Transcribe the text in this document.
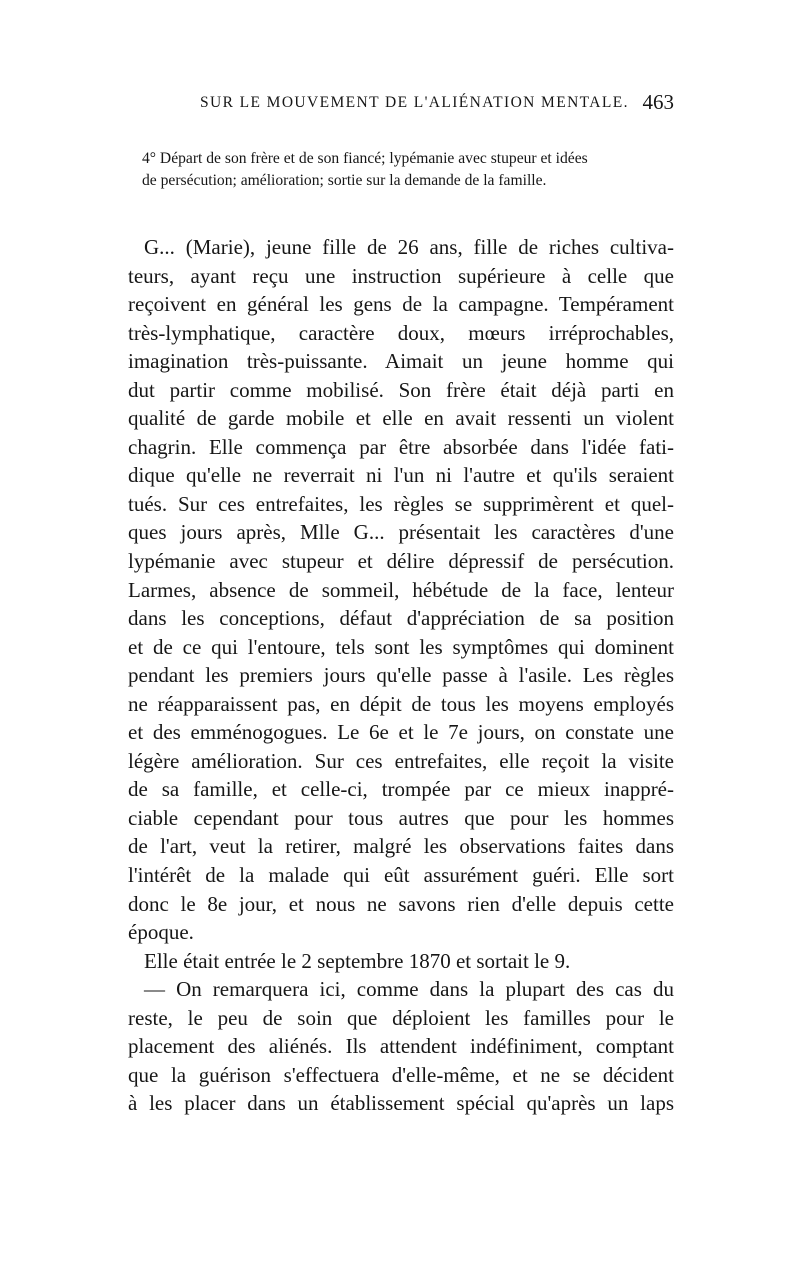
SUR LE MOUVEMENT DE L'ALIÉNATION MENTALE. 463
4° Départ de son frère et de son fiancé; lypémanie avec stupeur et idées
de persécution; amélioration; sortie sur la demande de la famille.
G... (Marie), jeune fille de 26 ans, fille de riches cultiva-
teurs, ayant reçu une instruction supérieure à celle que
reçoivent en général les gens de la campagne. Tempérament
très-lymphatique, caractère doux, mœurs irréprochables,
imagination très-puissante. Aimait un jeune homme qui
dut partir comme mobilisé. Son frère était déjà parti en
qualité de garde mobile et elle en avait ressenti un violent
chagrin. Elle commença par être absorbée dans l'idée fati-
dique qu'elle ne reverrait ni l'un ni l'autre et qu'ils seraient
tués. Sur ces entrefaites, les règles se supprimèrent et quel-
ques jours après, Mlle G... présentait les caractères d'une
lypémanie avec stupeur et délire dépressif de persécution.
Larmes, absence de sommeil, hébétude de la face, lenteur
dans les conceptions, défaut d'appréciation de sa position
et de ce qui l'entoure, tels sont les symptômes qui dominent
pendant les premiers jours qu'elle passe à l'asile. Les règles
ne réapparaissent pas, en dépit de tous les moyens employés
et des emménogogues. Le 6e et le 7e jours, on constate une
légère amélioration. Sur ces entrefaites, elle reçoit la visite
de sa famille, et celle-ci, trompée par ce mieux inappré-
ciable cependant pour tous autres que pour les hommes
de l'art, veut la retirer, malgré les observations faites dans
l'intérêt de la malade qui eût assurément guéri. Elle sort
donc le 8e jour, et nous ne savons rien d'elle depuis cette
époque.
Elle était entrée le 2 septembre 1870 et sortait le 9.
— On remarquera ici, comme dans la plupart des cas du
reste, le peu de soin que déploient les familles pour le
placement des aliénés. Ils attendent indéfiniment, comptant
que la guérison s'effectuera d'elle-même, et ne se décident
à les placer dans un établissement spécial qu'après un laps
